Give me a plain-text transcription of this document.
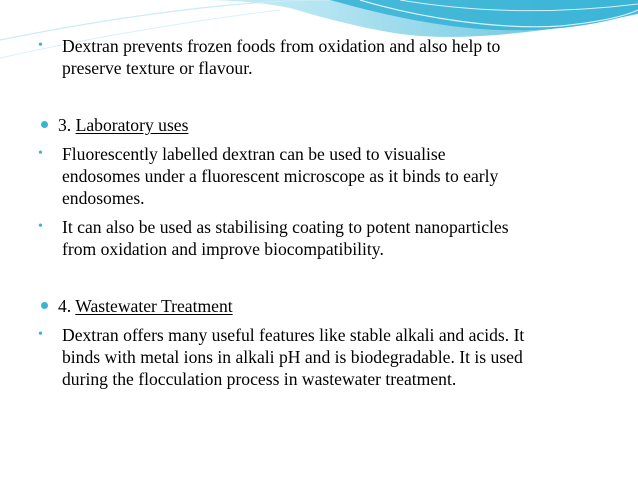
• Dextran prevents frozen foods from oxidation and also help to
preserve texture or flavour.
3. Laboratory uses
• Fluorescently labelled dextran can be used to visualise
endosomes under a fluorescent microscope as it binds to early
endosomes.
• It can also be used as stabilising coating to potent nanoparticles
from oxidation and improve biocompatibility.
4. Wastewater Treatment
• Dextran offers many useful features like stable alkali and acids. It
binds with metal ions in alkali pH and is biodegradable. It is used
during the flocculation process in wastewater treatment.
